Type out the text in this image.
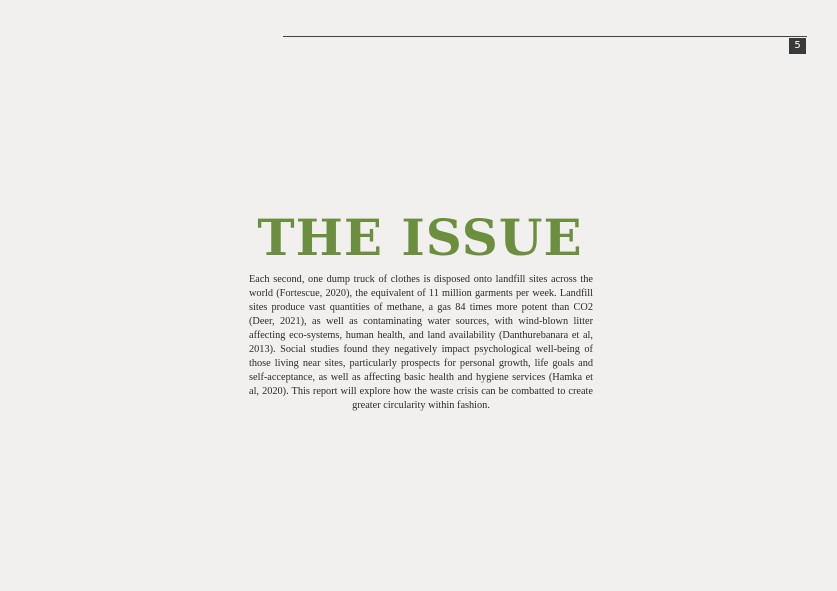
5
THE ISSUE

Each second, one dump truck of clothes is disposed onto landfill sites across the world (Fortescue, 2020), the equivalent of 11 million garments per week. Landfill sites produce vast quantities of methane, a gas 84 times more potent than CO2 (Deer, 2021), as well as contaminating water sources, with wind-blown litter affecting eco-systems, human health, and land availability (Danthurebanara et al, 2013). Social studies found they negatively impact psychological well-being of those living near sites, particularly prospects for personal growth, life goals and self-acceptance, as well as affecting basic health and hygiene services (Hamka et al, 2020). This report will explore how the waste crisis can be combatted to create greater circularity within fashion.
